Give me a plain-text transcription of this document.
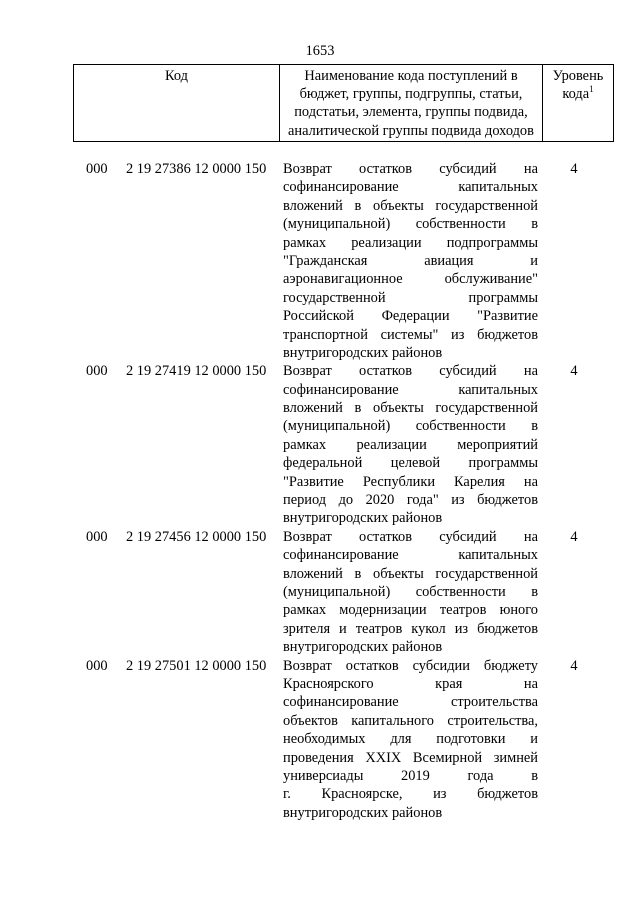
1653
Код	Наименование кода поступлений в
бюджет, группы, подгруппы, статьи,
подстатьи, элемента, группы подвида,
аналитической группы подвида доходов

Уровень
кода$^1$
000	2 19 27386 12 0000 150	Возврат остатков субсидий на
софинансирование капитальных
вложений в объекты государственной
(муниципальной) собственности в
рамках реализации подпрограммы
"Гражданская авиация и
аэронавигационное обслуживание"
государственной программы
Российской Федерации "Развитие
транспортной системы" из бюджетов
внутригородских районов
4
000	2 19 27419 12 0000 150	Возврат остатков субсидий на
софинансирование капитальных
вложений в объекты государственной
(муниципальной) собственности в
рамках реализации мероприятий
федеральной целевой программы
"Развитие Республики Карелия на
период до 2020 года" из бюджетов
внутригородских районов
4
000	2 19 27456 12 0000 150	Возврат остатков субсидий на
софинансирование капитальных
вложений в объекты государственной
(муниципальной) собственности в
рамках модернизации театров юного
зрителя и театров кукол из бюджетов
внутригородских районов
4
000	2 19 27501 12 0000 150	Возврат остатков субсидии бюджету
Красноярского края на
софинансирование строительства
объектов капитального строительства,
необходимых для подготовки и
проведения XXIX Всемирной зимней
универсиады 2019 года в
г. Красноярске, из бюджетов
внутригородских районов
4
